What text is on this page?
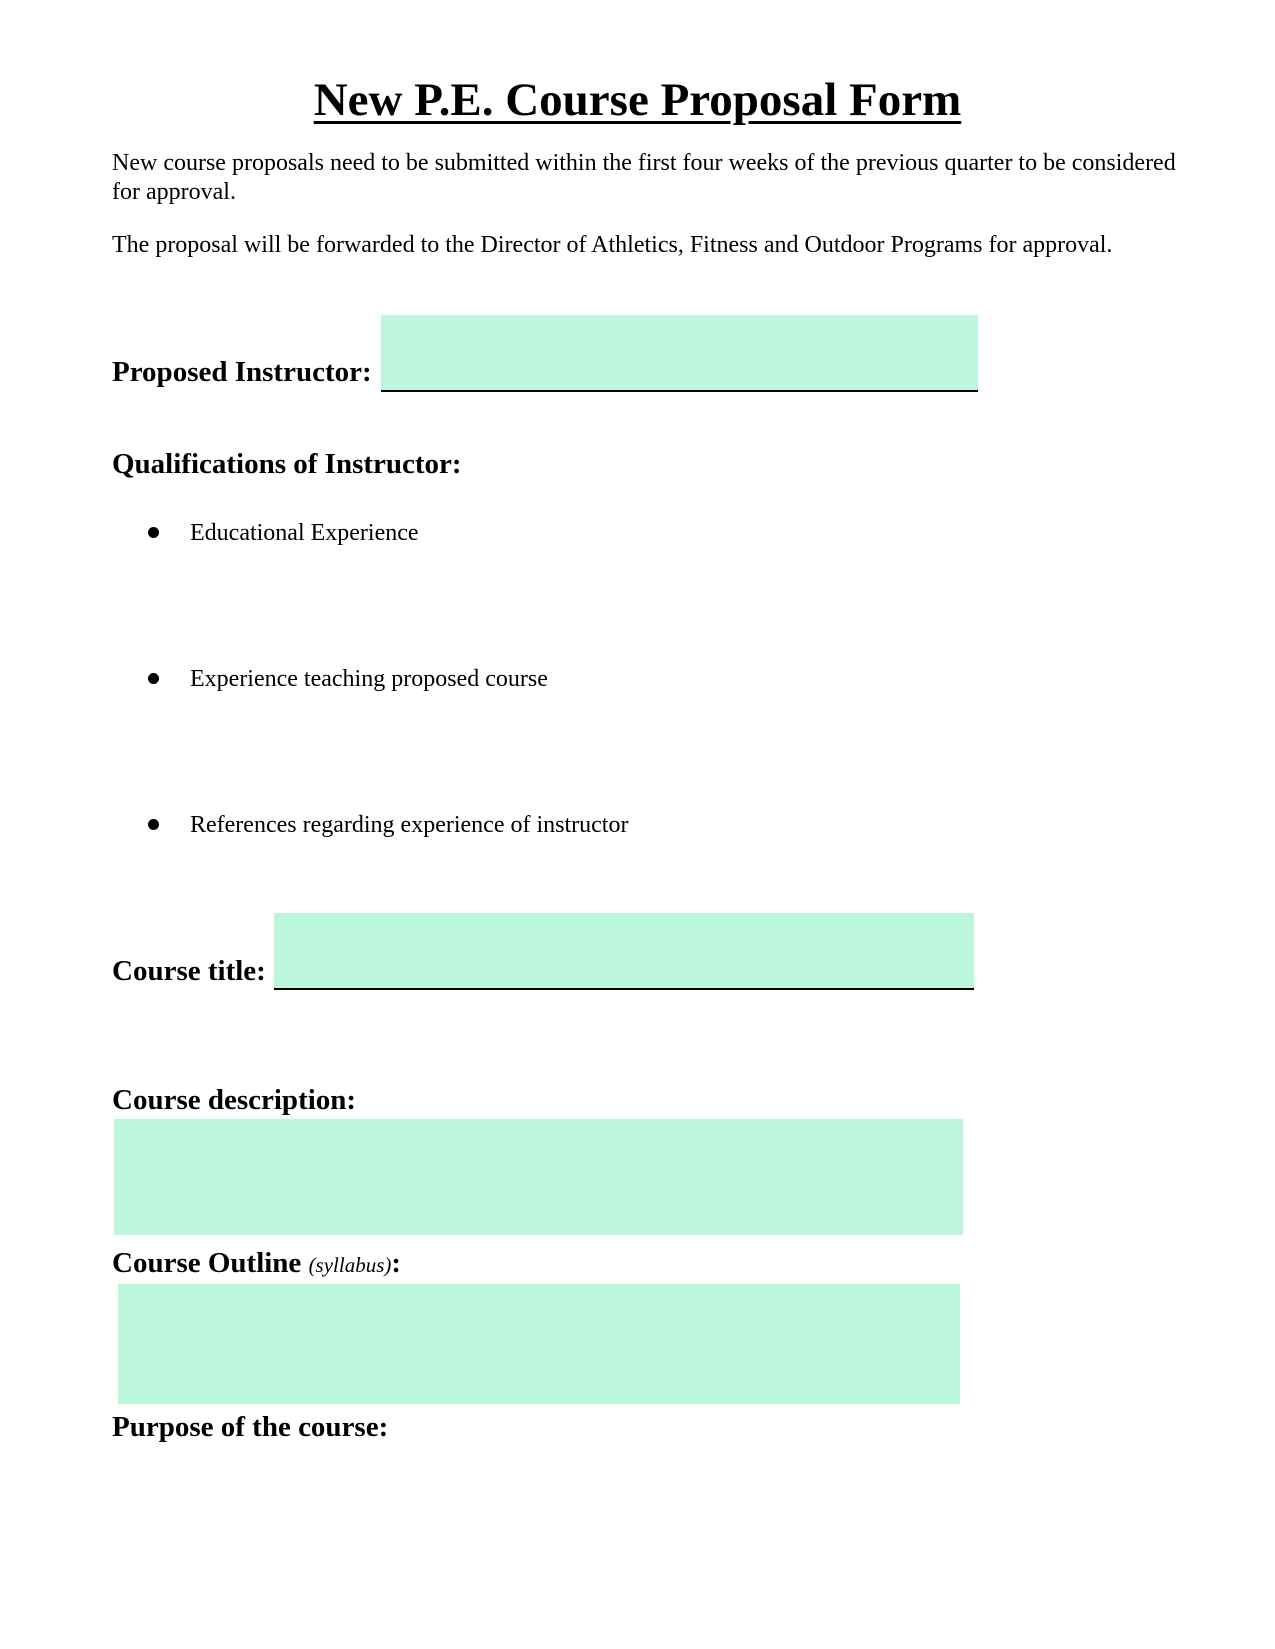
New P.E. Course Proposal Form
New course proposals need to be submitted within the first four weeks of the previous quarter to be considered for approval.
The proposal will be forwarded to the Director of Athletics, Fitness and Outdoor Programs for approval.
Proposed Instructor:
Qualifications of Instructor:
Educational Experience
Experience teaching proposed course
References regarding experience of instructor
Course title:
Course description:
Course Outline (syllabus):
Purpose of the course:
